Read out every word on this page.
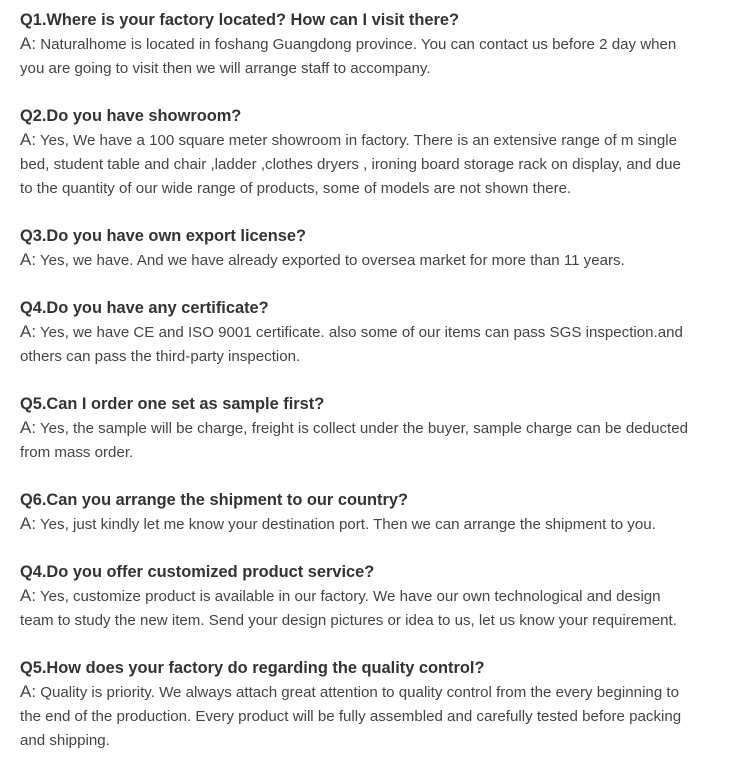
Q1.Where is your factory located? How can I visit there?
A: Naturalhome is located in foshang Guangdong province. You can contact us before 2 day when
you are going to visit then we will arrange staff to accompany.
Q2.Do you have showroom?
A: Yes, We have a 100 square meter showroom in factory. There is an extensive range of m single
bed, student table and chair ,ladder ,clothes dryers , ironing board storage rack on display, and due
to the quantity of our wide range of products, some of models are not shown there.
Q3.Do you have own export license?
A: Yes, we have. And we have already exported to oversea market for more than 11 years.
Q4.Do you have any certificate?
A: Yes, we have CE and ISO 9001 certificate. also some of our items can pass SGS inspection.and
others can pass the third-party inspection.
Q5.Can I order one set as sample first?
A: Yes, the sample will be charge, freight is collect under the buyer, sample charge can be deducted
from mass order.
Q6.Can you arrange the shipment to our country?
A: Yes, just kindly let me know your destination port. Then we can arrange the shipment to you.
Q4.Do you offer customized product service?
A: Yes, customize product is available in our factory. We have our own technological and design
team to study the new item. Send your design pictures or idea to us, let us know your requirement.
Q5.How does your factory do regarding the quality control?
A: Quality is priority. We always attach great attention to quality control from the every beginning to
the end of the production. Every product will be fully assembled and carefully tested before packing
and shipping.
